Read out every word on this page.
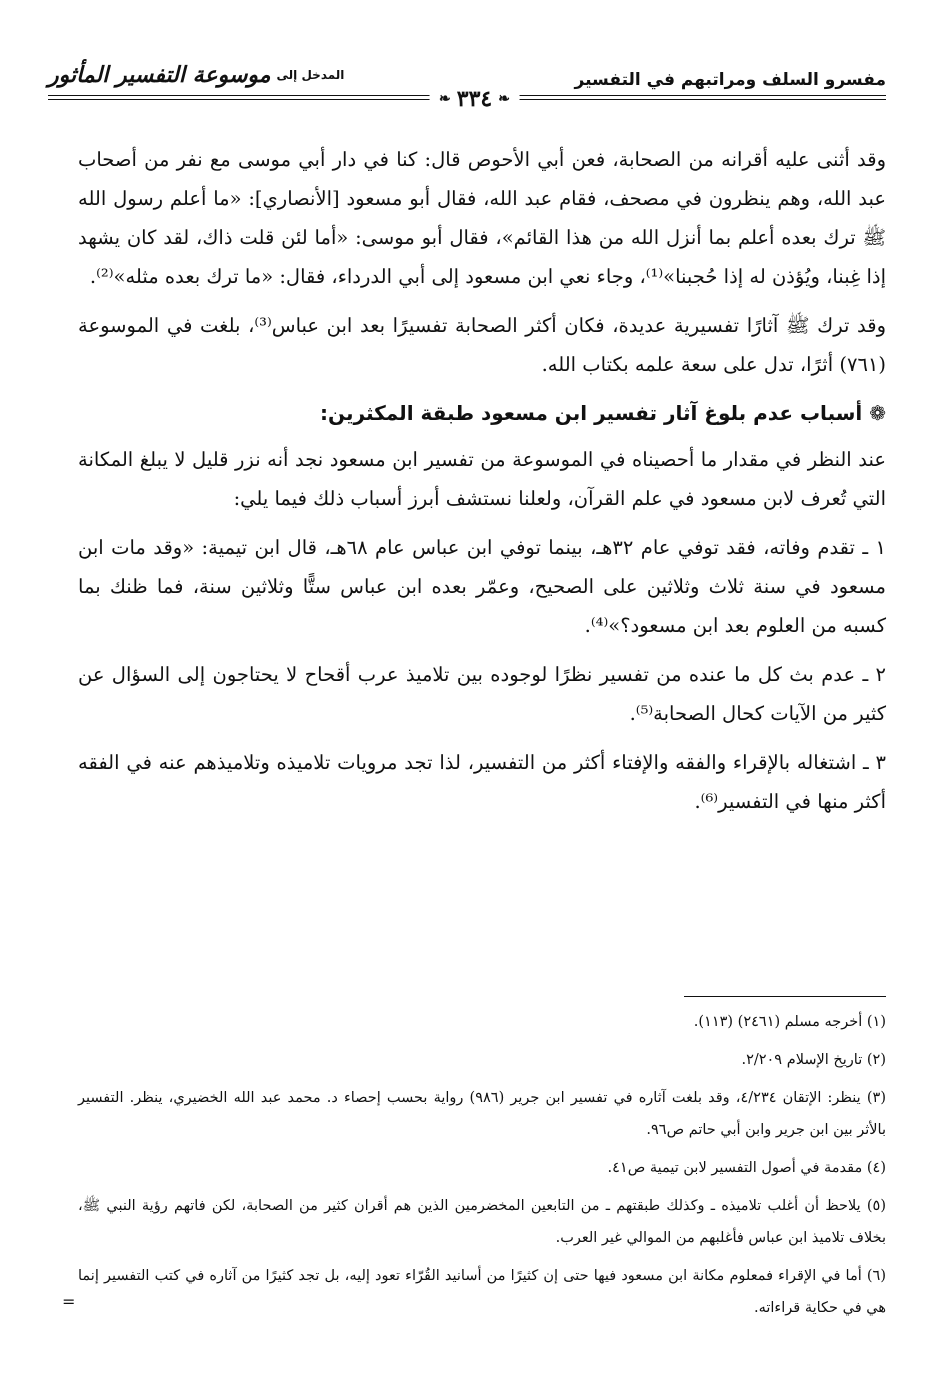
مفسرو السلف ومراتبهم في التفسير
المدخل إلى
موسوعة التفسير المأثور
❧
٣٣٤
❧

وقد أثنى عليه أقرانه من الصحابة، فعن أبي الأحوص قال: كنا في دار أبي موسى مع نفر من أصحاب عبد الله، وهم ينظرون في مصحف، فقام عبد الله، فقال أبو مسعود [الأنصاري]: «ما أعلم رسول الله ﷺ ترك بعده أعلم بما أنزل الله من هذا القائم»، فقال أبو موسى: «أما لئن قلت ذاك، لقد كان يشهد إذا غِبنا، ويُؤذن له إذا حُجبنا»⁽¹⁾، وجاء نعي ابن مسعود إلى أبي الدرداء، فقال: «ما ترك بعده مثله»⁽²⁾.

وقد ترك ﷺ آثارًا تفسيرية عديدة، فكان أكثر الصحابة تفسيرًا بعد ابن عباس⁽³⁾، بلغت في الموسوعة (٧٦١) أثرًا، تدل على سعة علمه بكتاب الله.

❁ أسباب عدم بلوغ آثار تفسير ابن مسعود طبقة المكثرين:

عند النظر في مقدار ما أحصيناه في الموسوعة من تفسير ابن مسعود نجد أنه نزر قليل لا يبلغ المكانة التي تُعرف لابن مسعود في علم القرآن، ولعلنا نستشف أبرز أسباب ذلك فيما يلي:

١ ـ تقدم وفاته، فقد توفي عام ٣٢هـ، بينما توفي ابن عباس عام ٦٨هـ، قال ابن تيمية: «وقد مات ابن مسعود في سنة ثلاث وثلاثين على الصحيح، وعمّر بعده ابن عباس ستًّا وثلاثين سنة، فما ظنك بما كسبه من العلوم بعد ابن مسعود؟»⁽⁴⁾.

٢ ـ عدم بث كل ما عنده من تفسير نظرًا لوجوده بين تلاميذ عرب أقحاح لا يحتاجون إلى السؤال عن كثير من الآيات كحال الصحابة⁽⁵⁾.

٣ ـ اشتغاله بالإقراء والفقه والإفتاء أكثر من التفسير، لذا تجد مرويات تلاميذه وتلاميذهم عنه في الفقه أكثر منها في التفسير⁽⁶⁾.

(١) أخرجه مسلم (٢٤٦١) (١١٣).

(٢) تاريخ الإسلام ٢/٢٠٩.

(٣) ينظر: الإتقان ٤/٢٣٤، وقد بلغت آثاره في تفسير ابن جرير (٩٨٦) رواية بحسب إحصاء د. محمد عبد الله الخضيري، ينظر. التفسير بالأثر بين ابن جرير وابن أبي حاتم ص٩٦.

(٤) مقدمة في أصول التفسير لابن تيمية ص٤١.

(٥) يلاحظ أن أغلب تلاميذه ـ وكذلك طبقتهم ـ من التابعين المخضرمين الذين هم أقران كثير من الصحابة، لكن فاتهم رؤية النبي ﷺ، بخلاف تلاميذ ابن عباس فأغلبهم من الموالي غير العرب.

(٦) أما في الإقراء فمعلوم مكانة ابن مسعود فيها حتى إن كثيرًا من أسانيد القُرّاء تعود إليه، بل تجد كثيرًا من آثاره في كتب التفسير إنما هي في حكاية قراءاته.

=
